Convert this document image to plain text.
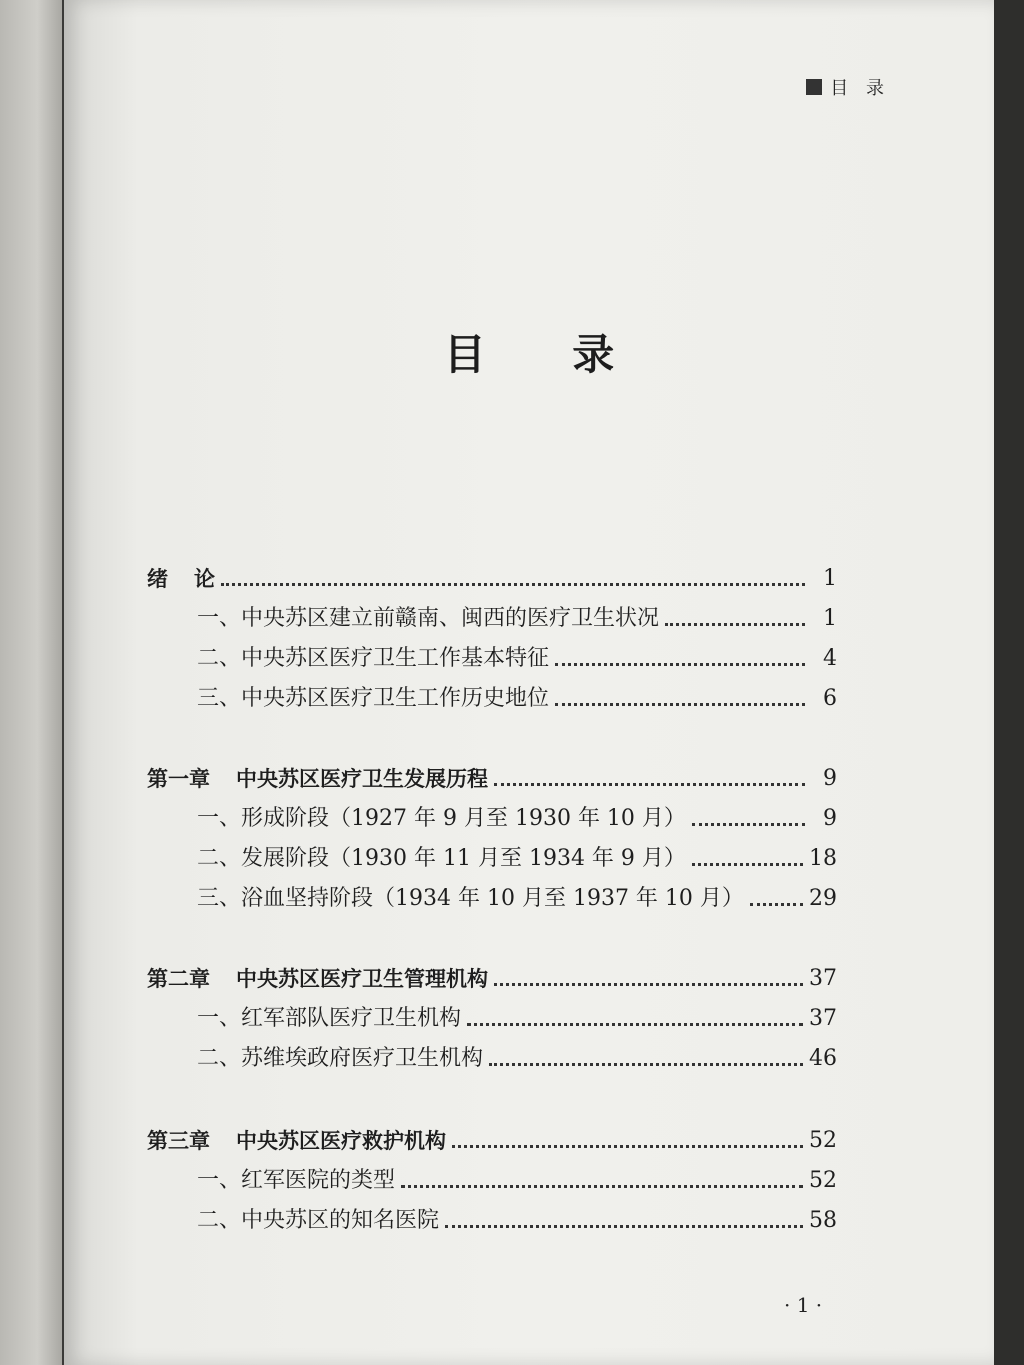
目 录

目 录
绪 论	1
一、中央苏区建立前赣南、闽西的医疗卫生状况	1
二、中央苏区医疗卫生工作基本特征	4
三、中央苏区医疗卫生工作历史地位	6
第一章 中央苏区医疗卫生发展历程	9
一、形成阶段（1927 年 9 月至 1930 年 10 月）	9
二、发展阶段（1930 年 11 月至 1934 年 9 月）	18
三、浴血坚持阶段（1934 年 10 月至 1937 年 10 月）	29
第二章 中央苏区医疗卫生管理机构	37
一、红军部队医疗卫生机构	37
二、苏维埃政府医疗卫生机构	46
第三章 中央苏区医疗救护机构	52
一、红军医院的类型	52
二、中央苏区的知名医院	58
· 1 ·
